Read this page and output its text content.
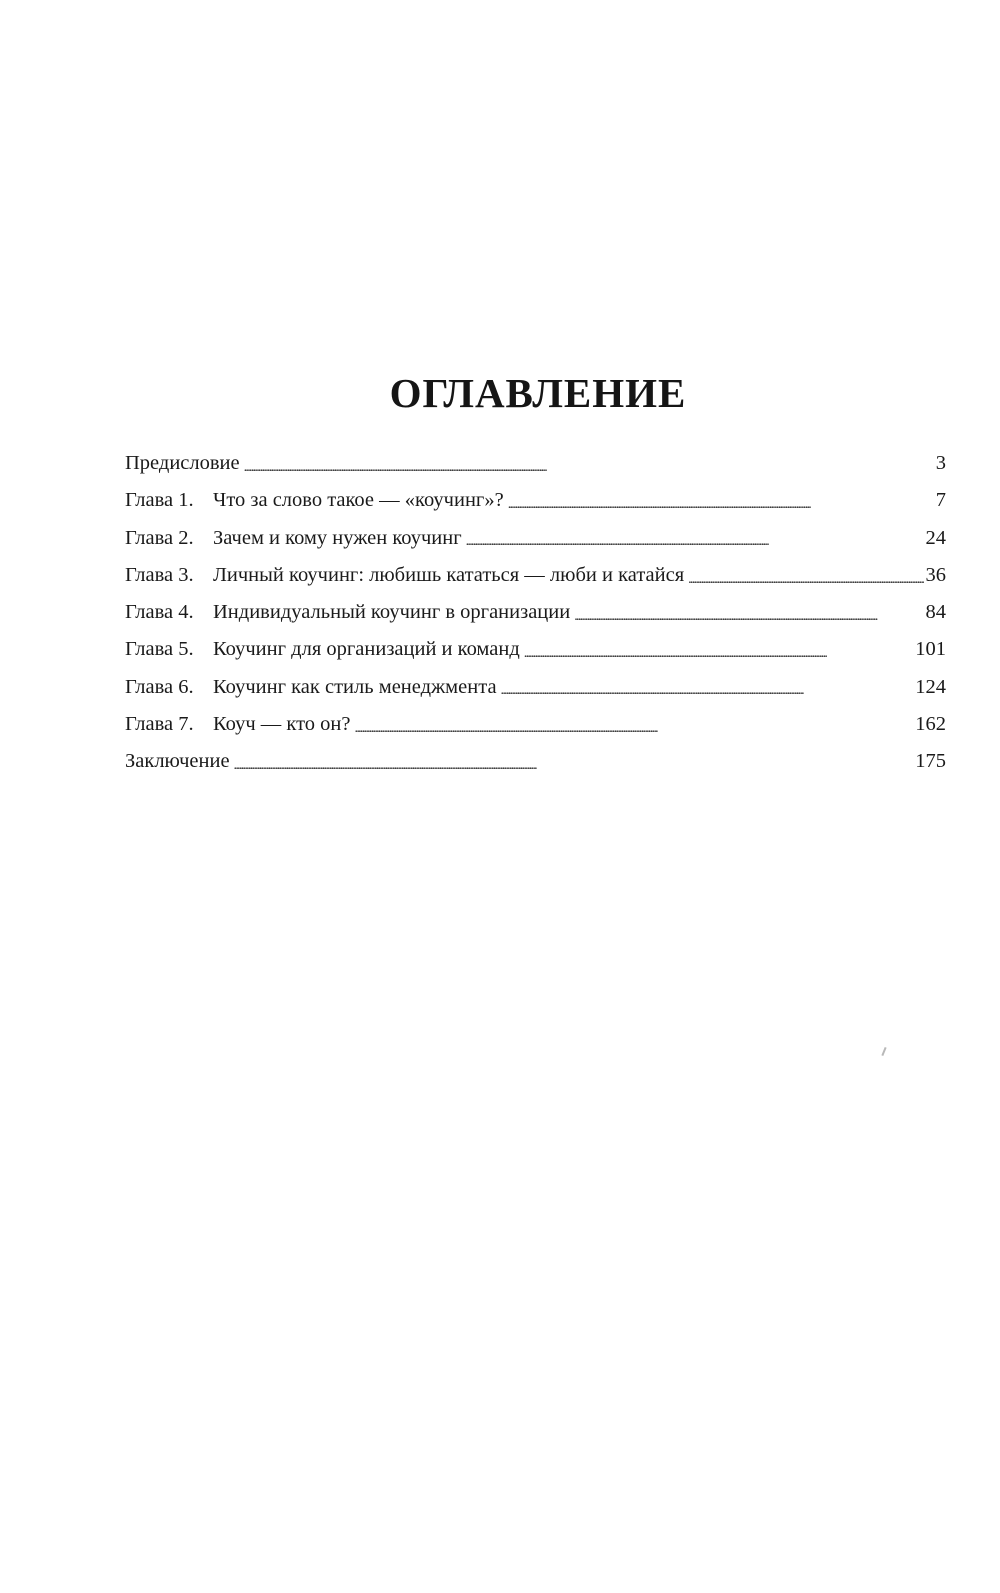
ОГЛАВЛЕНИЕ
Предисловие . . .	3
Глава 1. Что за слово такое — «коучинг»? . . .	7
Глава 2. Зачем и кому нужен коучинг . . .	24
Глава 3. Личный коучинг: любишь кататься — люби и катайся . . .	36
Глава 4. Индивидуальный коучинг в организации . . .	84
Глава 5. Коучинг для организаций и команд . . .	101
Глава 6. Коучинг как стиль менеджмента . . .	124
Глава 7. Коуч — кто он? . . .	162
Заключение . . .	175
